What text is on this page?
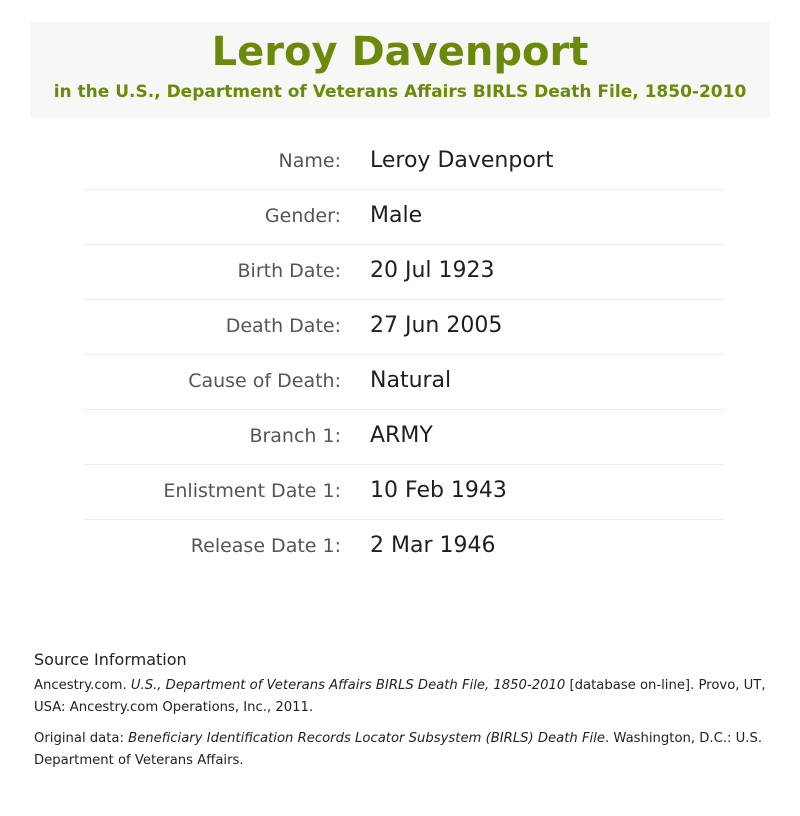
Leroy Davenport
in the U.S., Department of Veterans Affairs BIRLS Death File, 1850-2010
Name: Leroy Davenport
Gender: Male
Birth Date: 20 Jul 1923
Death Date: 27 Jun 2005
Cause of Death: Natural
Branch 1: ARMY
Enlistment Date 1: 10 Feb 1943
Release Date 1: 2 Mar 1946
Source Information

Ancestry.com. U.S., Department of Veterans Affairs BIRLS Death File, 1850-2010 [database on-line]. Provo, UT, USA: Ancestry.com Operations, Inc., 2011.

Original data: Beneficiary Identification Records Locator Subsystem (BIRLS) Death File. Washington, D.C.: U.S. Department of Veterans Affairs.
